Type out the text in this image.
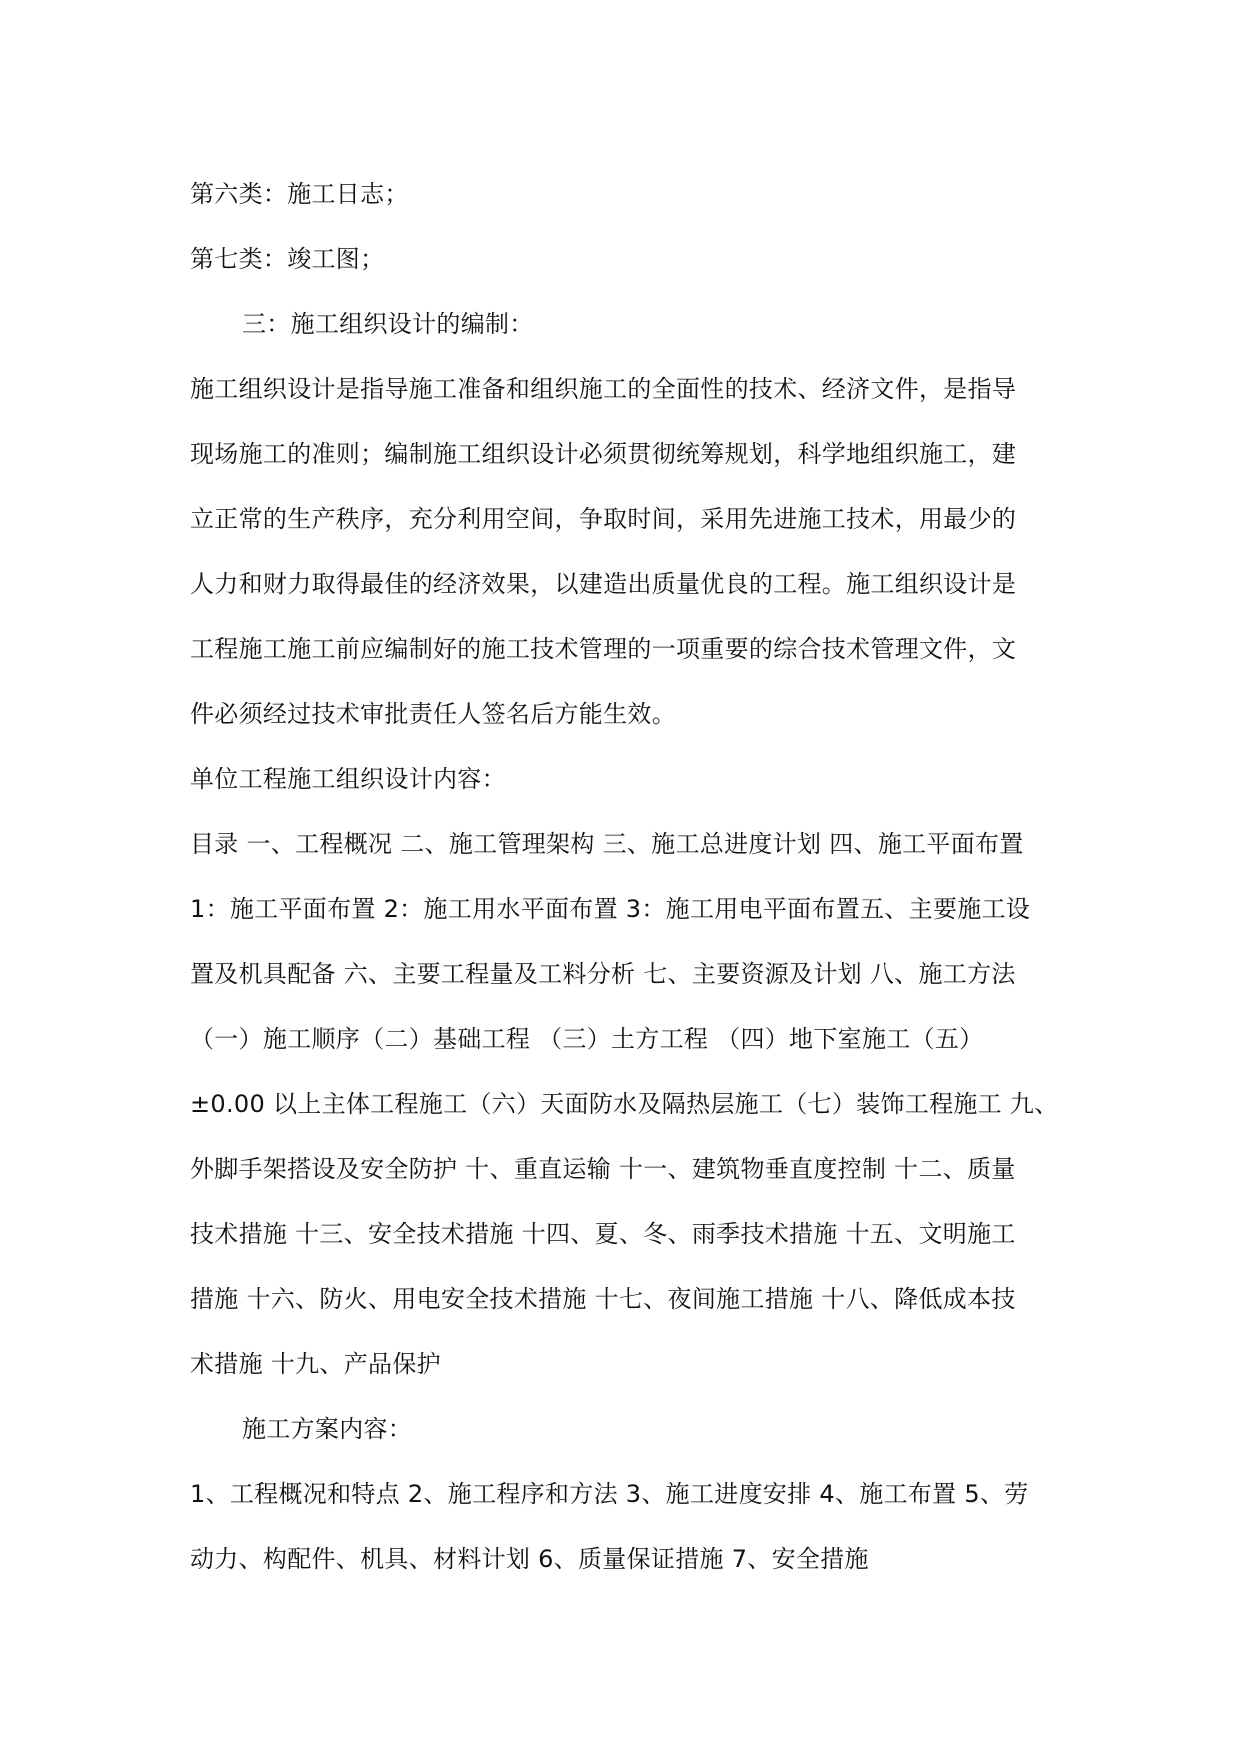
第六类：施工日志；
第七类：竣工图；
三：施工组织设计的编制：
施工组织设计是指导施工准备和组织施工的全面性的技术、经济文件，是指导
现场施工的准则；编制施工组织设计必须贯彻统筹规划，科学地组织施工，建
立正常的生产秩序，充分利用空间，争取时间，采用先进施工技术，用最少的
人力和财力取得最佳的经济效果，以建造出质量优良的工程。施工组织设计是
工程施工施工前应编制好的施工技术管理的一项重要的综合技术管理文件，文
件必须经过技术审批责任人签名后方能生效。
单位工程施工组织设计内容：
目录 一、工程概况 二、施工管理架构 三、施工总进度计划 四、施工平面布置
1：施工平面布置 2：施工用水平面布置 3：施工用电平面布置五、主要施工设
置及机具配备 六、主要工程量及工料分析 七、主要资源及计划 八、施工方法
（一）施工顺序（二）基础工程 （三）土方工程 （四）地下室施工（五）
±0.00 以上主体工程施工（六）天面防水及隔热层施工（七）装饰工程施工 九、
外脚手架搭设及安全防护 十、重直运输 十一、建筑物垂直度控制 十二、质量
技术措施 十三、安全技术措施 十四、夏、冬、雨季技术措施 十五、文明施工
措施 十六、防火、用电安全技术措施 十七、夜间施工措施 十八、降低成本技
术措施 十九、产品保护
施工方案内容：
1、工程概况和特点 2、施工程序和方法 3、施工进度安排 4、施工布置 5、劳
动力、构配件、机具、材料计划 6、质量保证措施 7、安全措施
